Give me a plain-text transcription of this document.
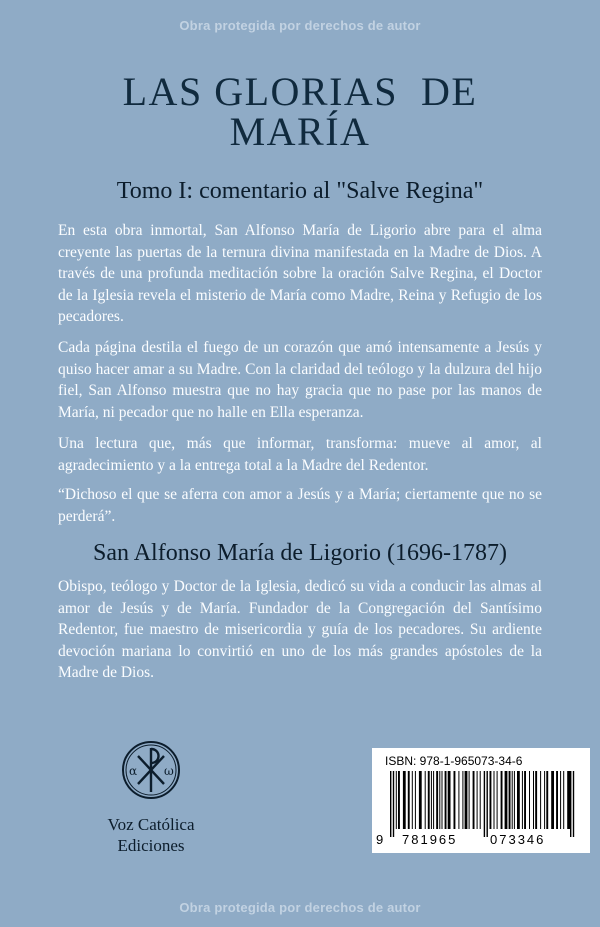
Obra protegida por derechos de autor
LAS GLORIAS  DE
MARÍA
Tomo I: comentario al "Salve Regina"
En esta obra inmortal, San Alfonso María de Ligorio abre para el alma creyente las puertas de la ternura divina manifestada en la Madre de Dios. A través de una profunda meditación sobre la oración Salve Regina, el Doctor de la Iglesia revela el misterio de María como Madre, Reina y Refugio de los pecadores.
Cada página destila el fuego de un corazón que amó intensamente a Jesús y quiso hacer amar a su Madre. Con la claridad del teólogo y la dulzura del hijo fiel, San Alfonso muestra que no hay gracia que no pase por las manos de María, ni pecador que no halle en Ella esperanza.
Una lectura que, más que informar, transforma: mueve al amor, al agradecimiento y a la entrega total a la Madre del Redentor.
“Dichoso el que se aferra con amor a Jesús y a María; ciertamente que no se perderá”.
San Alfonso María de Ligorio (1696-1787)
Obispo, teólogo y Doctor de la Iglesia, dedicó su vida a conducir las almas al amor de Jesús y de María. Fundador de la Congregación del Santísimo Redentor, fue maestro de misericordia y guía de los pecadores. Su ardiente devoción mariana lo convirtió en uno de los más grandes apóstoles de la Madre de Dios.
α ω
Voz Católica
Ediciones
ISBN: 978-1-965073-34-6
9 781965	073346
Obra protegida por derechos de autor
